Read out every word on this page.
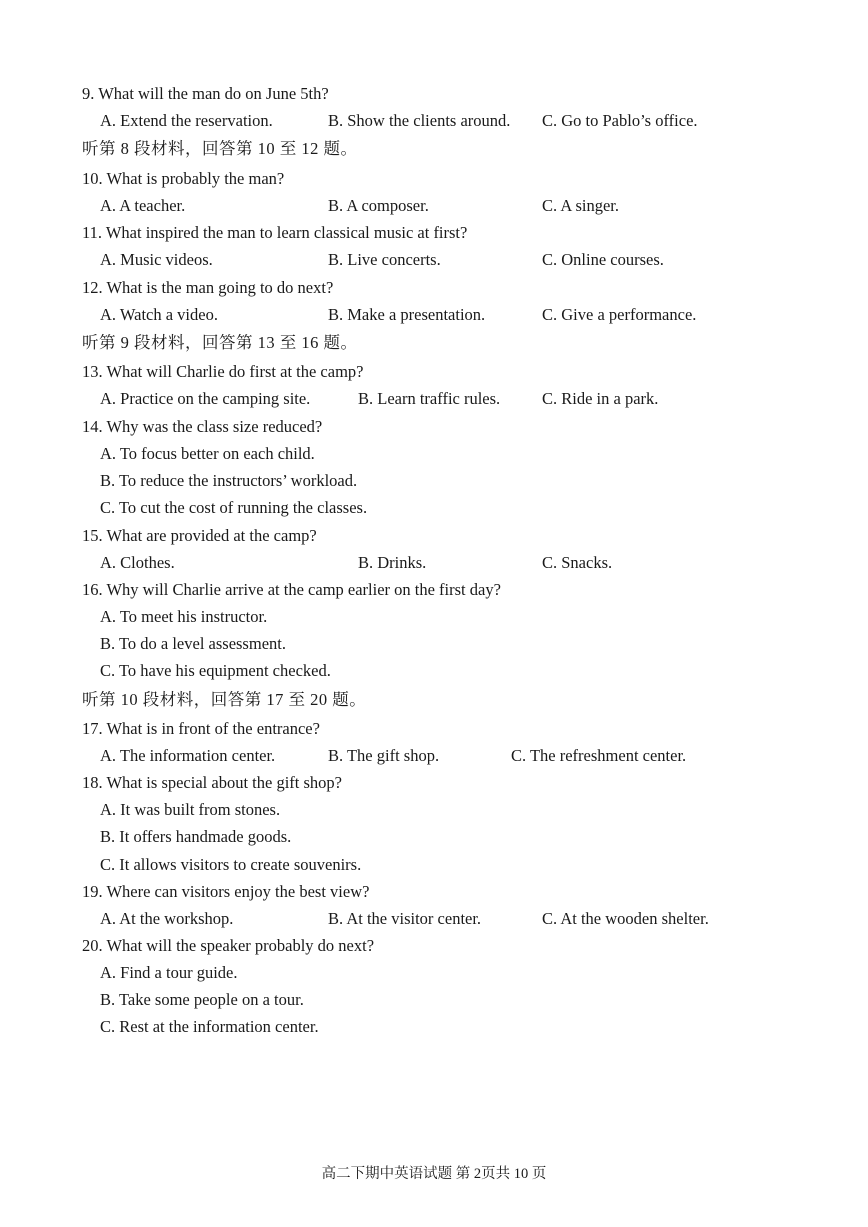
9. What will the man do on June 5th?
A. Extend the reservation.	B. Show the clients around. C. Go to Pablo’s office.
听第 8 段材料，回答第 10 至 12 题。
10. What is probably the man?
A. A teacher.	B. A composer.	C. A singer.
11. What inspired the man to learn classical music at first?
A. Music videos.	B. Live concerts.	C. Online courses.
12. What is the man going to do next?
A. Watch a video.	B. Make a presentation.	C. Give a performance.
听第 9 段材料，回答第 13 至 16 题。
13. What will Charlie do first at the camp?
A. Practice on the camping site.	B. Learn traffic rules.	C. Ride in a park.
14. Why was the class size reduced?
A. To focus better on each child.
B. To reduce the instructors’ workload.
C. To cut the cost of running the classes.
15. What are provided at the camp?
A. Clothes.	B. Drinks.	C. Snacks.
16. Why will Charlie arrive at the camp earlier on the first day?
A. To meet his instructor.
B. To do a level assessment.
C. To have his equipment checked.
听第 10 段材料，回答第 17 至 20 题。
17. What is in front of the entrance?
A. The information center.	B. The gift shop.	C. The refreshment center.
18. What is special about the gift shop?
A. It was built from stones.
B. It offers handmade goods.
C. It allows visitors to create souvenirs.
19. Where can visitors enjoy the best view?
A. At the workshop.	B. At the visitor center.	C. At the wooden shelter.
20. What will the speaker probably do next?
A. Find a tour guide.
B. Take some people on a tour.
C. Rest at the information center.
高二下期中英语试题 第 2页共 10 页
